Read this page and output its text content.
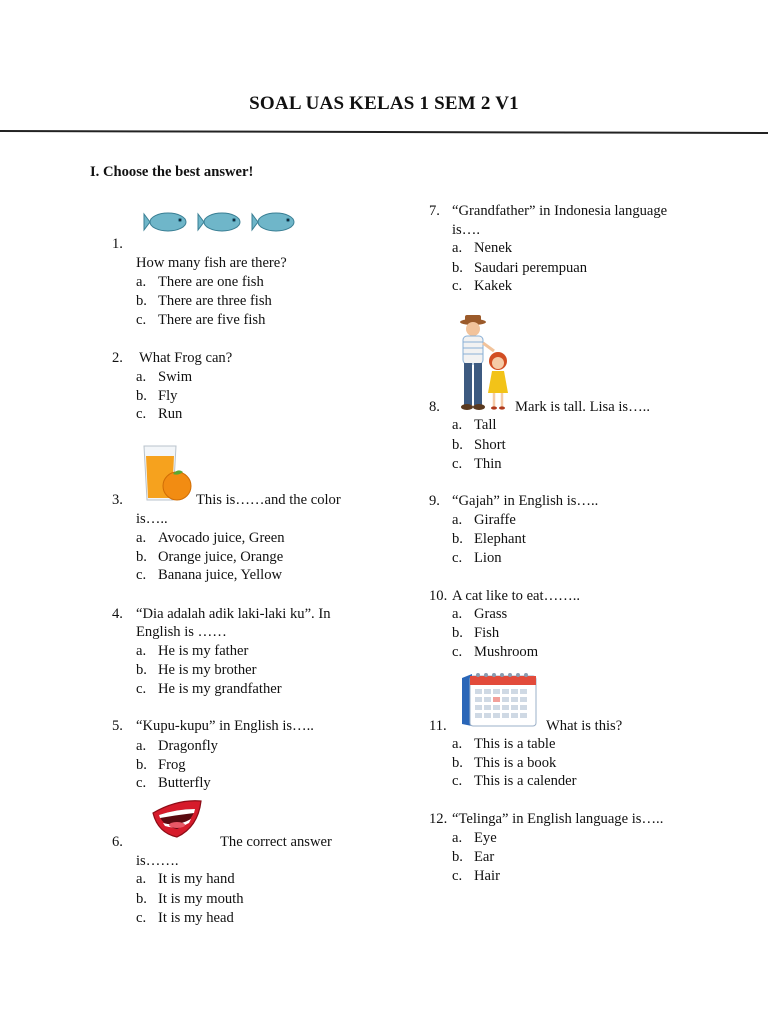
SOAL UAS KELAS 1 SEM 2 V1
I. Choose the best answer!
1.
How many fish are there?
a. There are one fish
b. There are three fish
c. There are five fish
2. What Frog can?
a. Swim
b. Fly
c. Run
3.	This is……and the color
is…..
a. Avocado juice, Green
b. Orange juice, Orange
c. Banana juice, Yellow
4. “Dia adalah adik laki-laki ku”. In
English is ……
a. He is my father
b. He is my brother
c. He is my grandfather
5. “Kupu-kupu” in English is…..
a. Dragonfly
b. Frog
c. Butterfly
6.	The correct answer
is…….
a. It is my hand
b. It is my mouth
c. It is my head
7. “Grandfather” in Indonesia language
is….
a. Nenek
b. Saudari perempuan
c. Kakek
8.	Mark is tall. Lisa is…..
a. Tall
b. Short
c. Thin
9. “Gajah” in English is…..
a. Giraffe
b. Elephant
c. Lion
10. A cat like to eat……..
a. Grass
b. Fish
c. Mushroom
11.	What is this?
a. This is a table
b. This is a book
c. This is a calender
12. “Telinga” in English language is…..
a. Eye
b. Ear
c. Hair
